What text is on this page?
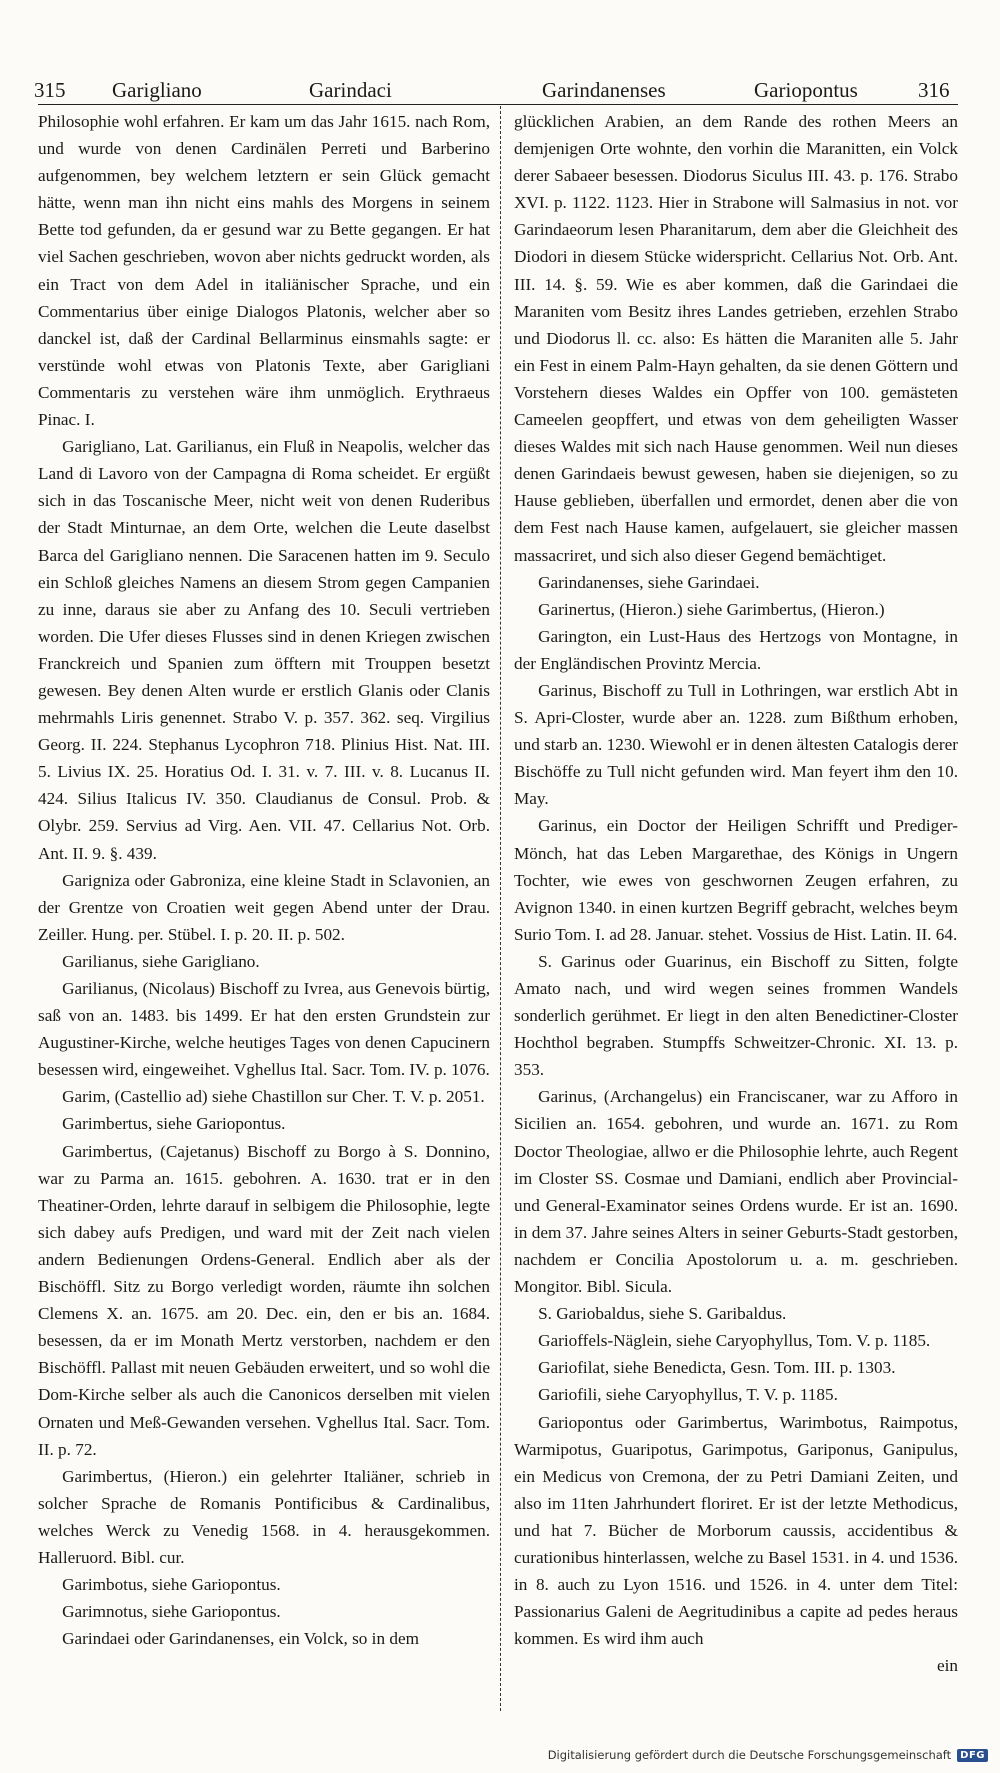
315 Garigliano	Garindaci	Garindanenses	Gariopontus	316

Philosophie wohl erfahren. Er kam um das Jahr 1615. nach Rom, und wurde von denen Cardinälen Perreti und Barberino aufgenommen, bey welchem letztern er sein Glück gemacht hätte, wenn man ihn nicht eins mahls des Morgens in seinem Bette tod gefunden, da er gesund war zu Bette gegangen. Er hat viel Sachen geschrieben, wovon aber nichts gedruckt worden, als ein Tract von dem Adel in italiänischer Sprache, und ein Commentarius über einige Dialogos Platonis, welcher aber so danckel ist, daß der Cardinal Bellarminus einsmahls sagte: er verstünde wohl etwas von Platonis Texte, aber Garigliani Commentaris zu verstehen wäre ihm unmöglich. Erythraeus Pinac. I.

Garigliano, Lat. Garilianus, ein Fluß in Neapolis, welcher das Land di Lavoro von der Campagna di Roma scheidet. Er ergüßt sich in das Toscanische Meer, nicht weit von denen Ruderibus der Stadt Minturnae, an dem Orte, welchen die Leute daselbst Barca del Garigliano nennen. Die Saracenen hatten im 9. Seculo ein Schloß gleiches Namens an diesem Strom gegen Campanien zu inne, daraus sie aber zu Anfang des 10. Seculi vertrieben worden. Die Ufer dieses Flusses sind in denen Kriegen zwischen Franckreich und Spanien zum öfftern mit Trouppen besetzt gewesen. Bey denen Alten wurde er erstlich Glanis oder Clanis mehrmahls Liris genennet. Strabo V. p. 357. 362. seq. Virgilius Georg. II. 224. Stephanus Lycophron 718. Plinius Hist. Nat. III. 5. Livius IX. 25. Horatius Od. I. 31. v. 7. III. v. 8. Lucanus II. 424. Silius Italicus IV. 350. Claudianus de Consul. Prob. & Olybr. 259. Servius ad Virg. Aen. VII. 47. Cellarius Not. Orb. Ant. II. 9. §. 439.

Garigniza oder Gabroniza, eine kleine Stadt in Sclavonien, an der Grentze von Croatien weit gegen Abend unter der Drau. Zeiller. Hung. per. Stübel. I. p. 20. II. p. 502.

Garilianus, siehe Garigliano.

Garilianus, (Nicolaus) Bischoff zu Ivrea, aus Genevois bürtig, saß von an. 1483. bis 1499. Er hat den ersten Grundstein zur Augustiner-Kirche, welche heutiges Tages von denen Capucinern besessen wird, eingeweihet. Vghellus Ital. Sacr. Tom. IV. p. 1076.

Garim, (Castellio ad) siehe Chastillon sur Cher. T. V. p. 2051.

Garimbertus, siehe Gariopontus.

Garimbertus, (Cajetanus) Bischoff zu Borgo à S. Donnino, war zu Parma an. 1615. gebohren. A. 1630. trat er in den Theatiner-Orden, lehrte darauf in selbigem die Philosophie, legte sich dabey aufs Predigen, und ward mit der Zeit nach vielen andern Bedienungen Ordens-General. Endlich aber als der Bischöffl. Sitz zu Borgo verledigt worden, räumte ihn solchen Clemens X. an. 1675. am 20. Dec. ein, den er bis an. 1684. besessen, da er im Monath Mertz verstorben, nachdem er den Bischöffl. Pallast mit neuen Gebäuden erweitert, und so wohl die Dom-Kirche selber als auch die Canonicos derselben mit vielen Ornaten und Meß-Gewanden versehen. Vghellus Ital. Sacr. Tom. II. p. 72.

Garimbertus, (Hieron.) ein gelehrter Italiäner, schrieb in solcher Sprache de Romanis Pontificibus & Cardinalibus, welches Werck zu Venedig 1568. in 4. herausgekommen. Halleruord. Bibl. cur.

Garimbotus, siehe Gariopontus.

Garimnotus, siehe Gariopontus.

Garindaei oder Garindanenses, ein Volck, so in dem

glücklichen Arabien, an dem Rande des rothen Meers an demjenigen Orte wohnte, den vorhin die Maranitten, ein Volck derer Sabaeer besessen. Diodorus Siculus III. 43. p. 176. Strabo XVI. p. 1122. 1123. Hier in Strabone will Salmasius in not. vor Garindaeorum lesen Pharanitarum, dem aber die Gleichheit des Diodori in diesem Stücke widerspricht. Cellarius Not. Orb. Ant. III. 14. §. 59. Wie es aber kommen, daß die Garindaei die Maraniten vom Besitz ihres Landes getrieben, erzehlen Strabo und Diodorus ll. cc. also: Es hätten die Maraniten alle 5. Jahr ein Fest in einem Palm-Hayn gehalten, da sie denen Göttern und Vorstehern dieses Waldes ein Opffer von 100. gemästeten Cameelen geopffert, und etwas von dem geheiligten Wasser dieses Waldes mit sich nach Hause genommen. Weil nun dieses denen Garindaeis bewust gewesen, haben sie diejenigen, so zu Hause geblieben, überfallen und ermordet, denen aber die von dem Fest nach Hause kamen, aufgelauert, sie gleicher massen massacriret, und sich also dieser Gegend bemächtiget.

Garindanenses, siehe Garindaei.

Garinertus, (Hieron.) siehe Garimbertus, (Hieron.)

Garington, ein Lust-Haus des Hertzogs von Montagne, in der Engländischen Provintz Mercia.

Garinus, Bischoff zu Tull in Lothringen, war erstlich Abt in S. Apri-Closter, wurde aber an. 1228. zum Bißthum erhoben, und starb an. 1230. Wiewohl er in denen ältesten Catalogis derer Bischöffe zu Tull nicht gefunden wird. Man feyert ihm den 10. May.

Garinus, ein Doctor der Heiligen Schrifft und Prediger-Mönch, hat das Leben Margarethae, des Königs in Ungern Tochter, wie ewes von geschwornen Zeugen erfahren, zu Avignon 1340. in einen kurtzen Begriff gebracht, welches beym Surio Tom. I. ad 28. Januar. stehet. Vossius de Hist. Latin. II. 64.

S. Garinus oder Guarinus, ein Bischoff zu Sitten, folgte Amato nach, und wird wegen seines frommen Wandels sonderlich gerühmet. Er liegt in den alten Benedictiner-Closter Hochthol begraben. Stumpffs Schweitzer-Chronic. XI. 13. p. 353.

Garinus, (Archangelus) ein Franciscaner, war zu Afforo in Sicilien an. 1654. gebohren, und wurde an. 1671. zu Rom Doctor Theologiae, allwo er die Philosophie lehrte, auch Regent im Closter SS. Cosmae und Damiani, endlich aber Provincial- und General-Examinator seines Ordens wurde. Er ist an. 1690. in dem 37. Jahre seines Alters in seiner Geburts-Stadt gestorben, nachdem er Concilia Apostolorum u. a. m. geschrieben. Mongitor. Bibl. Sicula.

S. Gariobaldus, siehe S. Garibaldus.

Garioffels-Näglein, siehe Caryophyllus, Tom. V. p. 1185.

Gariofilat, siehe Benedicta, Gesn. Tom. III. p. 1303.

Gariofili, siehe Caryophyllus, T. V. p. 1185.

Gariopontus oder Garimbertus, Warimbotus, Raimpotus, Warmipotus, Guaripotus, Garimpotus, Gariponus, Ganipulus, ein Medicus von Cremona, der zu Petri Damiani Zeiten, und also im 11ten Jahrhundert floriret. Er ist der letzte Methodicus, und hat 7. Bücher de Morborum caussis, accidentibus & curationibus hinterlassen, welche zu Basel 1531. in 4. und 1536. in 8. auch zu Lyon 1516. und 1526. in 4. unter dem Titel: Passionarius Galeni de Aegritudinibus a capite ad pedes heraus kommen. Es wird ihm auch

ein

Digitalisierung gefördert durch die Deutsche Forschungsgemeinschaft DFG
